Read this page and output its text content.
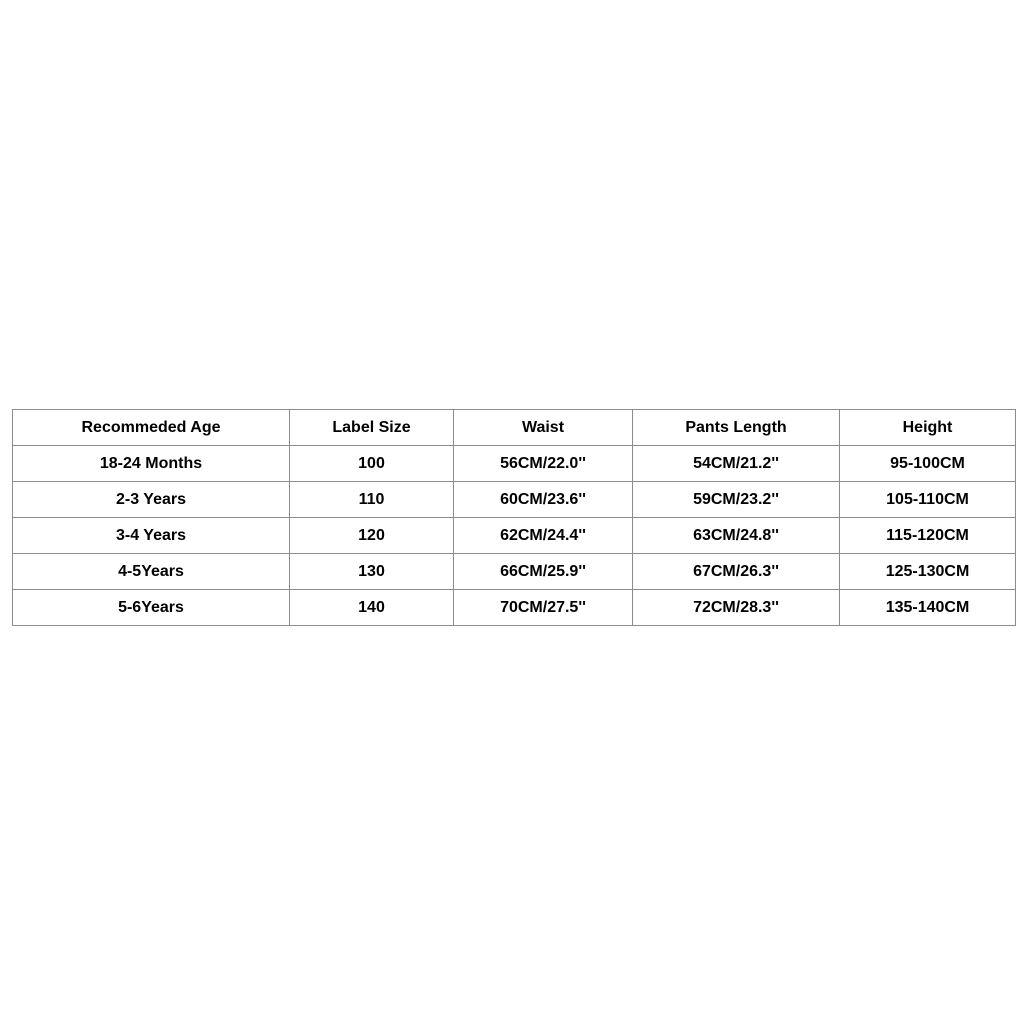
Recommeded Age	Label Size	Waist	Pants Length	Height
18-24 Months	100	56CM/22.0''	54CM/21.2''	95-100CM
2-3 Years	110	60CM/23.6''	59CM/23.2''	105-110CM
3-4 Years	120	62CM/24.4''	63CM/24.8''	115-120CM
4-5Years	130	66CM/25.9''	67CM/26.3''	125-130CM
5-6Years	140	70CM/27.5''	72CM/28.3''	135-140CM
